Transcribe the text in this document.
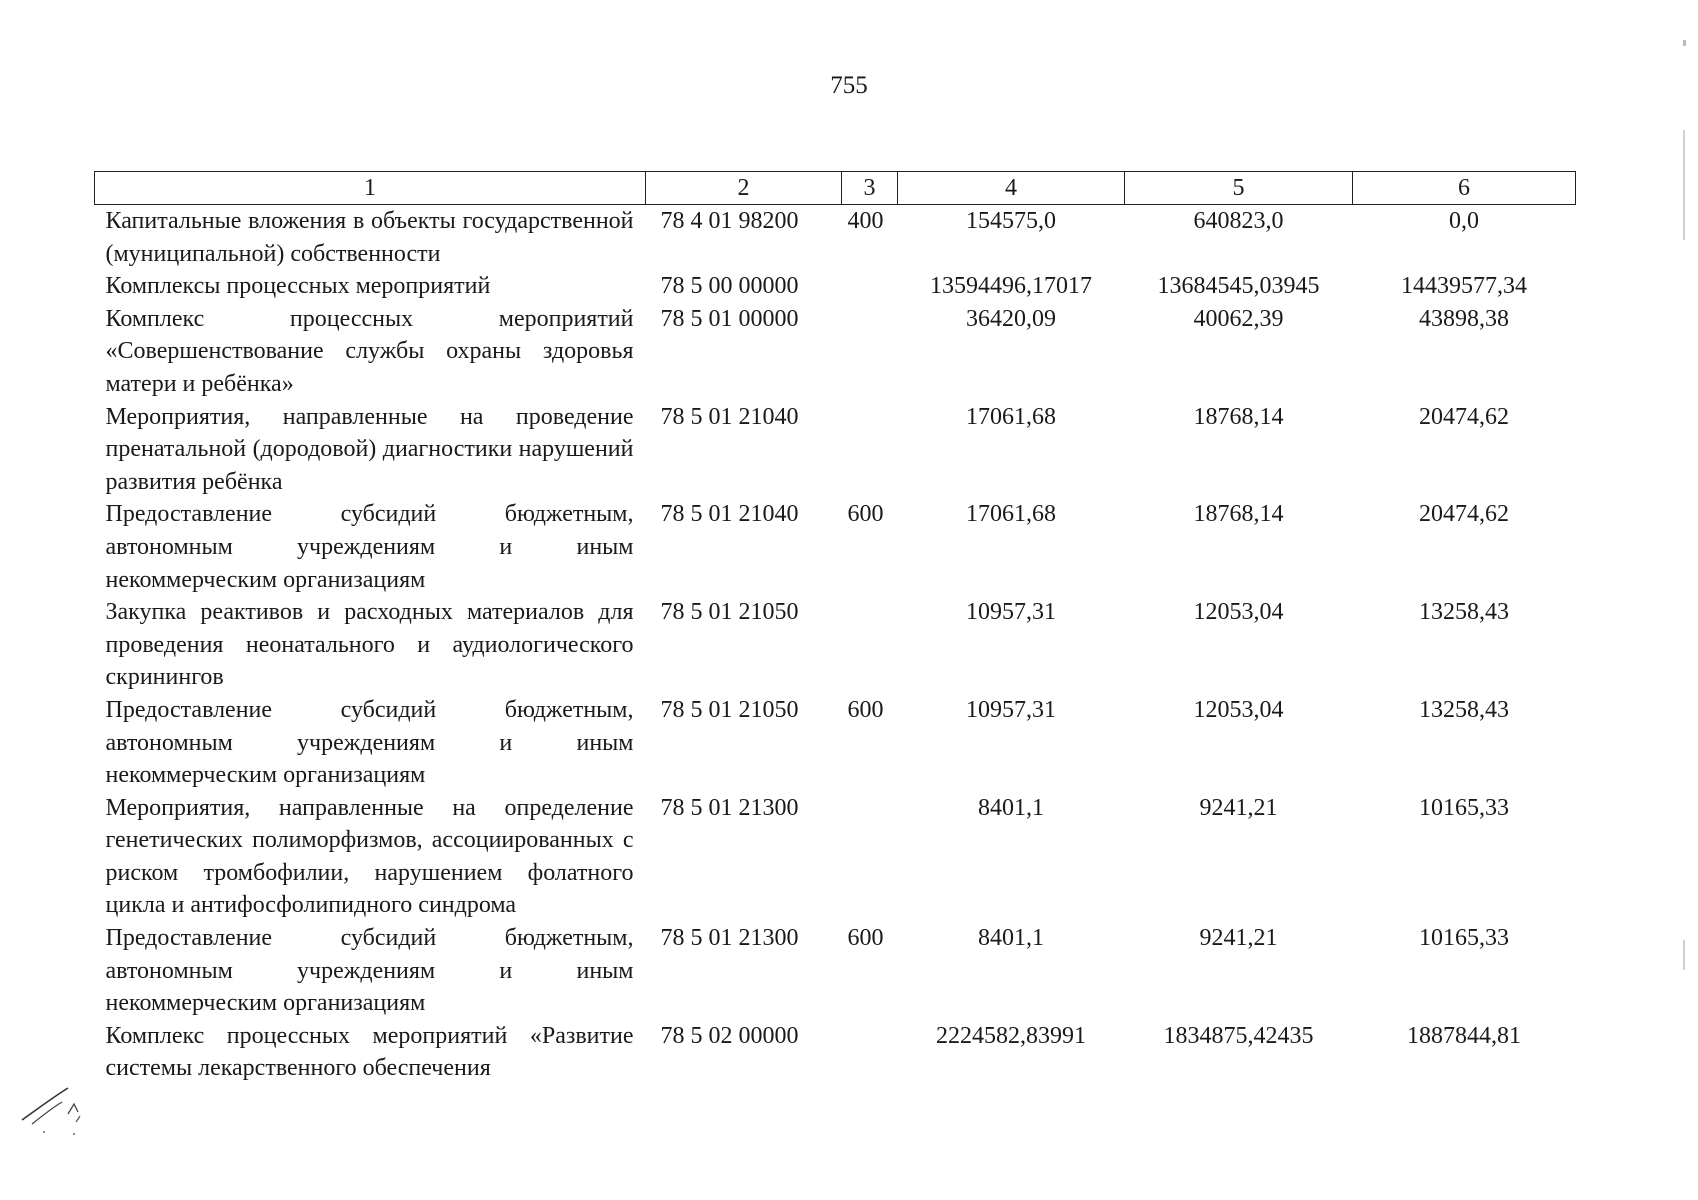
755
1	2	3	4	5	6
Капитальные вложения в объекты государственной (муниципальной) собственности	78 4 01 98200	400	154575,0	640823,0	0,0
Комплексы процессных мероприятий	78 5 00 00000		13594496,17017	13684545,03945	14439577,34
Комплекс процессных мероприятий «Совершенствование службы охраны здоровья матери и ребёнка»	78 5 01 00000		36420,09	40062,39	43898,38
Мероприятия, направленные на проведение пренатальной (дородовой) диагностики нарушений развития ребёнка	78 5 01 21040		17061,68	18768,14	20474,62
Предоставление субсидий бюджетным, автономным учреждениям и иным некоммерческим организациям	78 5 01 21040	600	17061,68	18768,14	20474,62
Закупка реактивов и расходных материалов для проведения неонатального и аудиологического скринингов	78 5 01 21050		10957,31	12053,04	13258,43
Предоставление субсидий бюджетным, автономным учреждениям и иным некоммерческим организациям	78 5 01 21050	600	10957,31	12053,04	13258,43
Мероприятия, направленные на определение генетических полиморфизмов, ассоциированных с риском тромбофилии, нарушением фолатного цикла и антифосфолипидного синдрома	78 5 01 21300		8401,1	9241,21	10165,33
Предоставление субсидий бюджетным, автономным учреждениям и иным некоммерческим организациям	78 5 01 21300	600	8401,1	9241,21	10165,33
Комплекс процессных мероприятий «Развитие системы лекарственного обеспечения	78 5 02 00000		2224582,83991	1834875,42435	1887844,81
